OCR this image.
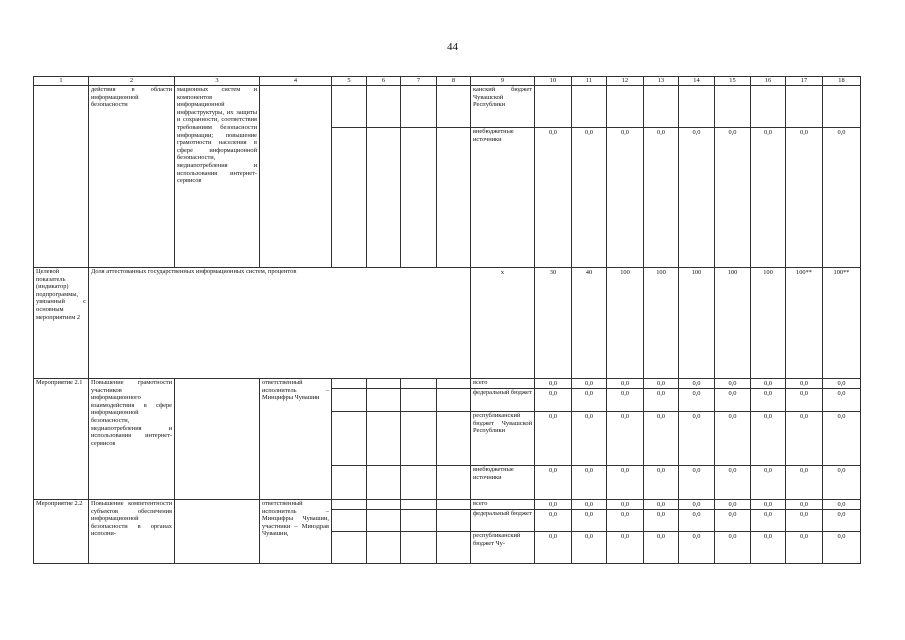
44
1	2	3	4	5	6	7	8	9	10	11	12	13	14	15	16	17	18
	действия в области информационной безопасности	мационных систем и компонентов информационной инфраструктуры, их защиты и сохранности, соответствия требованиям безопасности информации; повышение грамотности населения в сфере информационной безопасности, медиапотребления и использования интернет-сервисов						канский бюджет Чувашской Республики									
								внебюджетные источники	0,0	0,0	0,0	0,0	0,0	0,0	0,0	0,0	0,0
Целевой показатель (индикатор) подпрограммы, увязанный с основным мероприятием 2	Доля аттестованных государственных информационных систем, процентов							x	30	40	100	100	100	100	100	100**	100**
Мероприятие 2.1	Повышение грамотности участников информационного взаимодействия в сфере информационной безопасности, медиапотребления и использования интернет-сервисов		ответственный исполнитель – Минцифры Чувашии					всего	0,0	0,0	0,0	0,0	0,0	0,0	0,0	0,0	0,0
								федеральный бюджет	0,0	0,0	0,0	0,0	0,0	0,0	0,0	0,0	0,0
								республиканский бюджет Чувашской Республики	0,0	0,0	0,0	0,0	0,0	0,0	0,0	0,0	0,0
								внебюджетные источники	0,0	0,0	0,0	0,0	0,0	0,0	0,0	0,0	0,0
Мероприятие 2.2	Повышение компетентности субъектов обеспечения информационной безопасности в органах исполни-		ответственный исполнитель – Минцифры Чувашии, участники – Минздрав Чувашии,					всего	0,0	0,0	0,0	0,0	0,0	0,0	0,0	0,0	0,0
								федеральный бюджет	0,0	0,0	0,0	0,0	0,0	0,0	0,0	0,0	0,0
								республиканский бюджет Чу-	0,0	0,0	0,0	0,0	0,0	0,0	0,0	0,0	0,0
